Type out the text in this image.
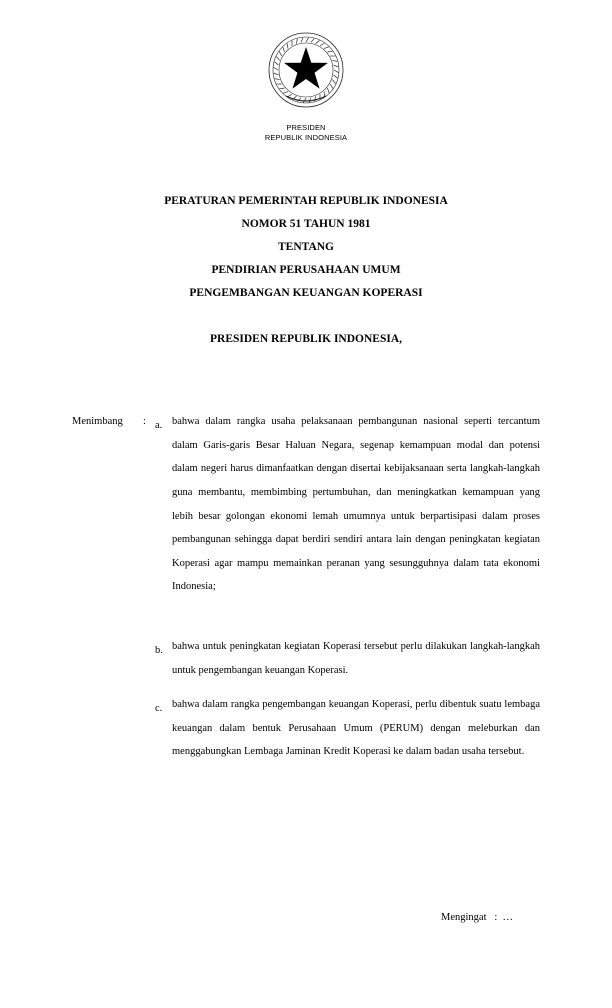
PRESIDEN
REPUBLIK INDONESIA
PERATURAN PEMERINTAH REPUBLIK INDONESIA
NOMOR 51 TAHUN 1981
TENTANG
PENDIRIAN PERUSAHAAN UMUM
PENGEMBANGAN KEUANGAN KOPERASI
PRESIDEN REPUBLIK INDONESIA,
Menimbang : a. bahwa dalam rangka usaha pelaksanaan pembangunan nasional seperti tercantum dalam Garis-garis Besar Haluan Negara, segenap kemampuan modal dan potensi dalam negeri harus dimanfaatkan dengan disertai kebijaksanaan serta langkah-langkah guna membantu, membimbing pertumbuhan, dan meningkatkan kemampuan yang lebih besar golongan ekonomi lemah umumnya untuk berpartisipasi dalam proses pembangunan sehingga dapat berdiri sendiri antara lain dengan peningkatan kegiatan Koperasi agar mampu memainkan peranan yang sesungguhnya dalam tata ekonomi Indonesia;
b. bahwa untuk peningkatan kegiatan Koperasi tersebut perlu dilakukan langkah-langkah untuk pengembangan keuangan Koperasi.
c. bahwa dalam rangka pengembangan keuangan Koperasi, perlu dibentuk suatu lembaga keuangan dalam bentuk Perusahaan Umum (PERUM) dengan meleburkan dan menggabungkan Lembaga Jaminan Kredit Koperasi ke dalam badan usaha tersebut.
Mengingat   :  …
